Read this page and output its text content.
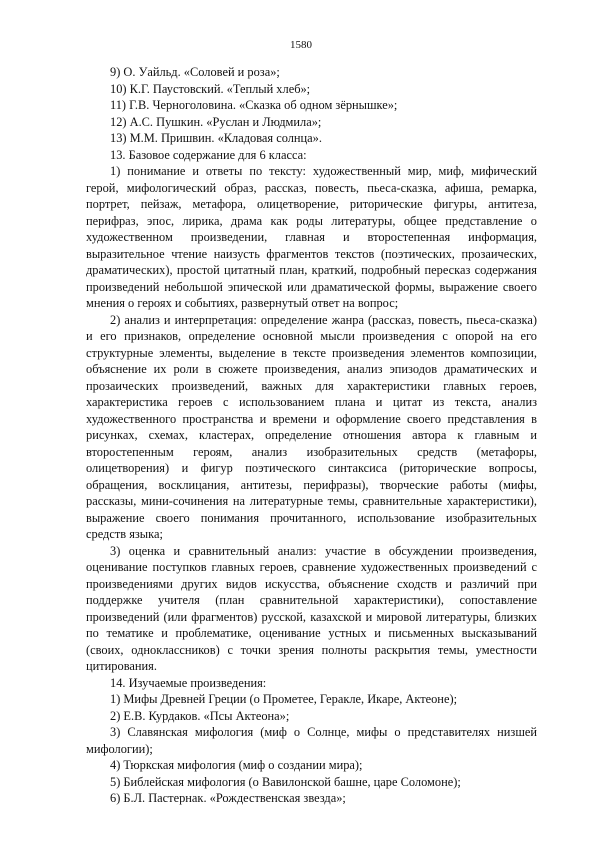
1580
9) О. Уайльд. «Соловей и роза»;
10) К.Г. Паустовский. «Теплый хлеб»;
11) Г.В. Черноголовина. «Сказка об одном зёрнышке»;
12) А.С. Пушкин. «Руслан и Людмила»;
13) М.М. Пришвин. «Кладовая солнца».
13. Базовое содержание для 6 класса:
1) понимание и ответы по тексту: художественный мир, миф, мифический герой, мифологический образ, рассказ, повесть, пьеса-сказка, афиша, ремарка, портрет, пейзаж, метафора, олицетворение, риторические фигуры, антитеза, перифраз, эпос, лирика, драма как роды литературы, общее представление о художественном произведении, главная и второстепенная информация, выразительное чтение наизусть фрагментов текстов (поэтических, прозаических, драматических), простой цитатный план, краткий, подробный пересказ содержания произведений небольшой эпической или драматической формы, выражение своего мнения о героях и событиях, развернутый ответ на вопрос;
2) анализ и интерпретация: определение жанра (рассказ, повесть, пьеса-сказка) и его признаков, определение основной мысли произведения с опорой на его структурные элементы, выделение в тексте произведения элементов композиции, объяснение их роли в сюжете произведения, анализ эпизодов драматических и прозаических произведений, важных для характеристики главных героев, характеристика героев с использованием плана и цитат из текста, анализ художественного пространства и времени и оформление своего представления в рисунках, схемах, кластерах, определение отношения автора к главным и второстепенным героям, анализ изобразительных средств (метафоры, олицетворения) и фигур поэтического синтаксиса (риторические вопросы, обращения, восклицания, антитезы, перифразы), творческие работы (мифы, рассказы, мини-сочинения на литературные темы, сравнительные характеристики), выражение своего понимания прочитанного, использование изобразительных средств языка;
3) оценка и сравнительный анализ: участие в обсуждении произведения, оценивание поступков главных героев, сравнение художественных произведений с произведениями других видов искусства, объяснение сходств и различий при поддержке учителя (план сравнительной характеристики), сопоставление произведений (или фрагментов) русской, казахской и мировой литературы, близких по тематике и проблематике, оценивание устных и письменных высказываний (своих, одноклассников) с точки зрения полноты раскрытия темы, уместности цитирования.
14. Изучаемые произведения:
1) Мифы Древней Греции (о Прометее, Геракле, Икаре, Актеоне);
2) Е.В. Курдаков. «Псы Актеона»;
3) Славянская мифология (миф о Солнце, мифы о представителях низшей мифологии);
4) Тюркская мифология (миф о создании мира);
5) Библейская мифология (о Вавилонской башне, царе Соломоне);
6) Б.Л. Пастернак. «Рождественская звезда»;
